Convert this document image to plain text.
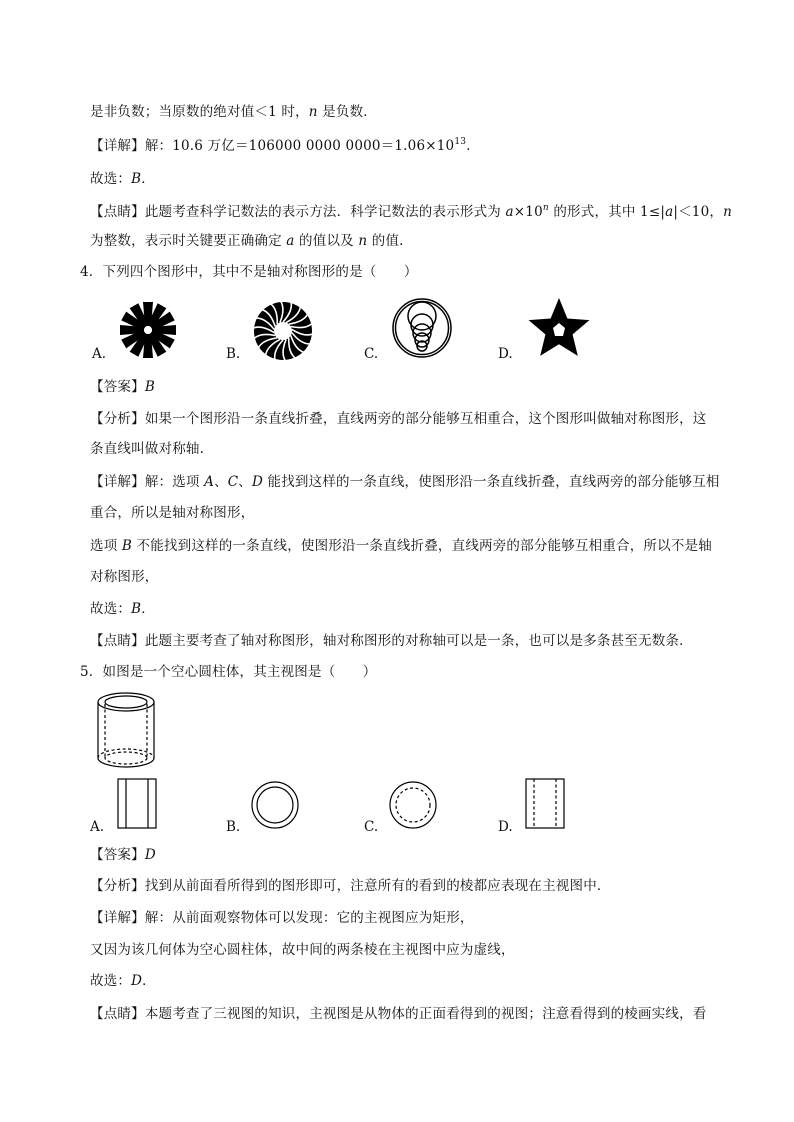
是非负数；当原数的绝对值＜1 时，n 是负数．
【详解】解：10.6 万亿＝106000 0000 $0000=1.06\times 10^{13}$．
故选：B．
【点睛】此题考查科学记数法的表示方法．科学记数法的表示形式为 $a\times 10^n$ 的形式，其中 1≤|a|＜10，n
为整数，表示时关键要正确确定 a 的值以及 n 的值.
4．下列四个图形中，其中不是轴对称图形的是（　　）
A.	B.	C.	D.
【答案】B
【分析】如果一个图形沿一条直线折叠，直线两旁的部分能够互相重合，这个图形叫做轴对称图形，这
条直线叫做对称轴.
【详解】解：选项 A、C、D 能找到这样的一条直线，使图形沿一条直线折叠，直线两旁的部分能够互相
重合，所以是轴对称图形，
选项 B 不能找到这样的一条直线，使图形沿一条直线折叠，直线两旁的部分能够互相重合，所以不是轴
对称图形，
故选：B．
【点睛】此题主要考查了轴对称图形，轴对称图形的对称轴可以是一条，也可以是多条甚至无数条．
5．如图是一个空心圆柱体，其主视图是（　　）
A.	B.	C.	D.
【答案】D
【分析】找到从前面看所得到的图形即可，注意所有的看到的棱都应表现在主视图中．
【详解】解：从前面观察物体可以发现：它的主视图应为矩形，
又因为该几何体为空心圆柱体，故中间的两条棱在主视图中应为虚线，
故选：D．
【点睛】本题考查了三视图的知识，主视图是从物体的正面看得到的视图；注意看得到的棱画实线，看
